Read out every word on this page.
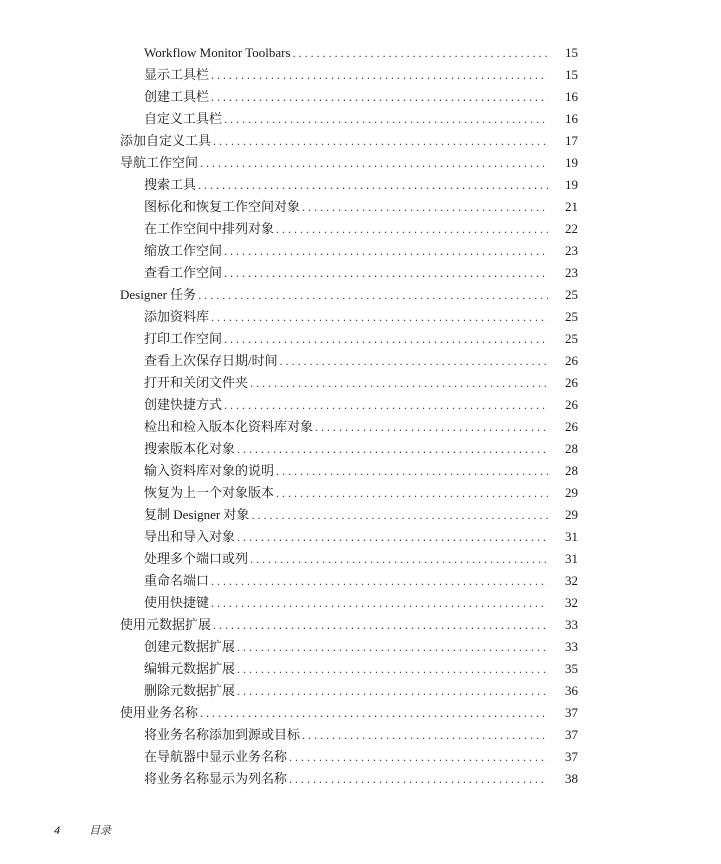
Workflow Monitor Toolbars . . .	15
显示工具栏 . . .	15
创建工具栏 . . .	16
自定义工具栏 . . .	16
添加自定义工具 . . .	17
导航工作空间 . . .	19
搜索工具 . . .	19
图标化和恢复工作空间对象 . . .	21
在工作空间中排列对象 . . .	22
缩放工作空间 . . .	23
查看工作空间 . . .	23
Designer 任务 . . .	25
添加资料库 . . .	25
打印工作空间 . . .	25
查看上次保存日期/时间 . . .	26
打开和关闭文件夹 . . .	26
创建快捷方式 . . .	26
检出和检入版本化资料库对象 . . .	26
搜索版本化对象 . . .	28
输入资料库对象的说明 . . .	28
恢复为上一个对象版本 . . .	29
复制 Designer 对象 . . .	29
导出和导入对象 . . .	31
处理多个端口或列 . . .	31
重命名端口 . . .	32
使用快捷键 . . .	32
使用元数据扩展 . . .	33
创建元数据扩展 . . .	33
编辑元数据扩展 . . .	35
删除元数据扩展 . . .	36
使用业务名称 . . .	37
将业务名称添加到源或目标 . . .	37
在导航器中显示业务名称 . . .	37
将业务名称显示为列名称 . . .	38
4	目录
